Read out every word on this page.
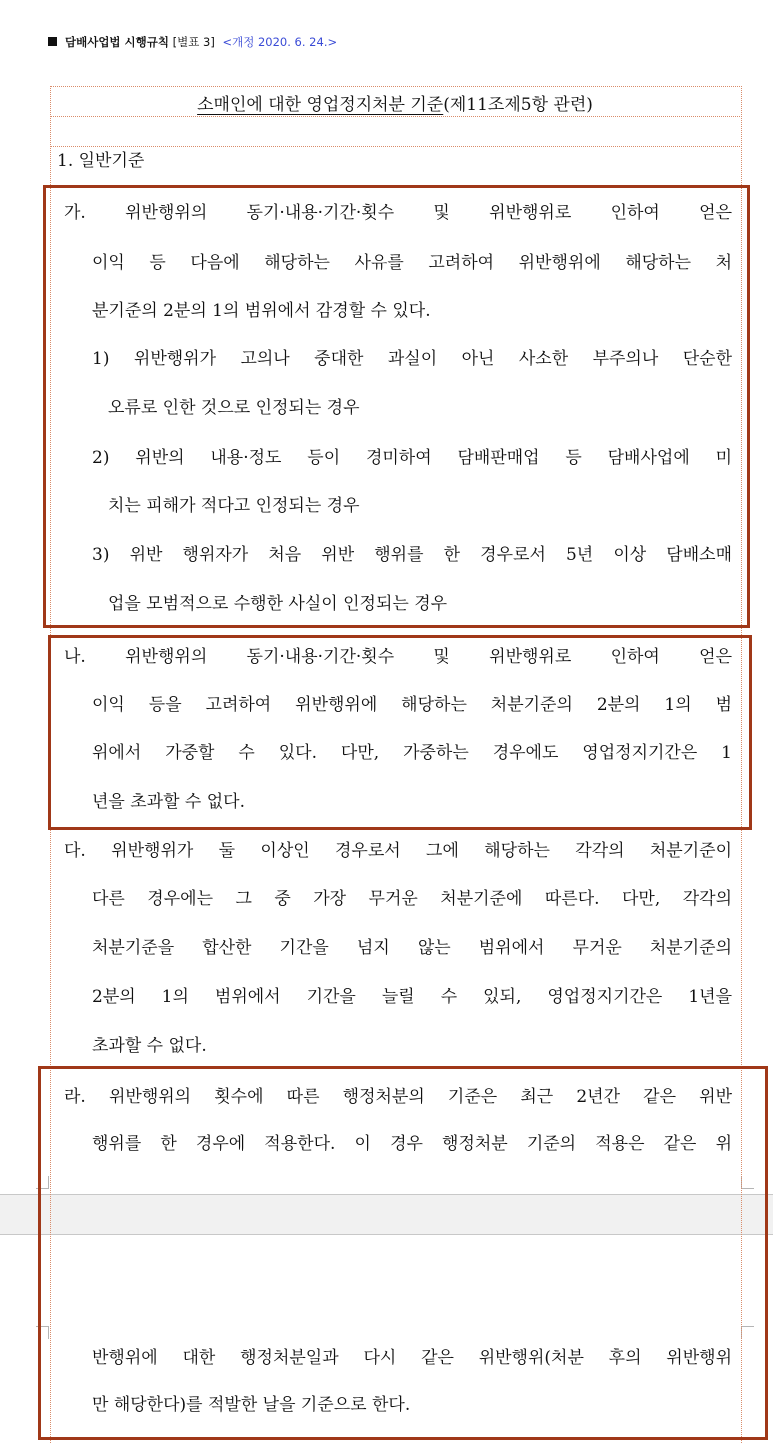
담배사업법 시행규칙 [별표 3] <개정 2020. 6. 24.>
소매인에 대한 영업정지처분 기준(제11조제5항 관련)
1. 일반기준
가. 위반행위의 동기·내용·기간·횟수 및 위반행위로 인하여 얻은
이익 등 다음에 해당하는 사유를 고려하여 위반행위에 해당하는 처
분기준의 2분의 1의 범위에서 감경할 수 있다.
1) 위반행위가 고의나 중대한 과실이 아닌 사소한 부주의나 단순한
오류로 인한 것으로 인정되는 경우
2) 위반의 내용·정도 등이 경미하여 담배판매업 등 담배사업에 미
치는 피해가 적다고 인정되는 경우
3) 위반 행위자가 처음 위반 행위를 한 경우로서 5년 이상 담배소매
업을 모범적으로 수행한 사실이 인정되는 경우
나. 위반행위의 동기·내용·기간·횟수 및 위반행위로 인하여 얻은
이익 등을 고려하여 위반행위에 해당하는 처분기준의 2분의 1의 범
위에서 가중할 수 있다. 다만, 가중하는 경우에도 영업정지기간은 1
년을 초과할 수 없다.
다. 위반행위가 둘 이상인 경우로서 그에 해당하는 각각의 처분기준이
다른 경우에는 그 중 가장 무거운 처분기준에 따른다. 다만, 각각의
처분기준을 합산한 기간을 넘지 않는 범위에서 무거운 처분기준의
2분의 1의 범위에서 기간을 늘릴 수 있되, 영업정지기간은 1년을
초과할 수 없다.
라. 위반행위의 횟수에 따른 행정처분의 기준은 최근 2년간 같은 위반
행위를 한 경우에 적용한다. 이 경우 행정처분 기준의 적용은 같은 위
반행위에 대한 행정처분일과 다시 같은 위반행위(처분 후의 위반행위
만 해당한다)를 적발한 날을 기준으로 한다.
